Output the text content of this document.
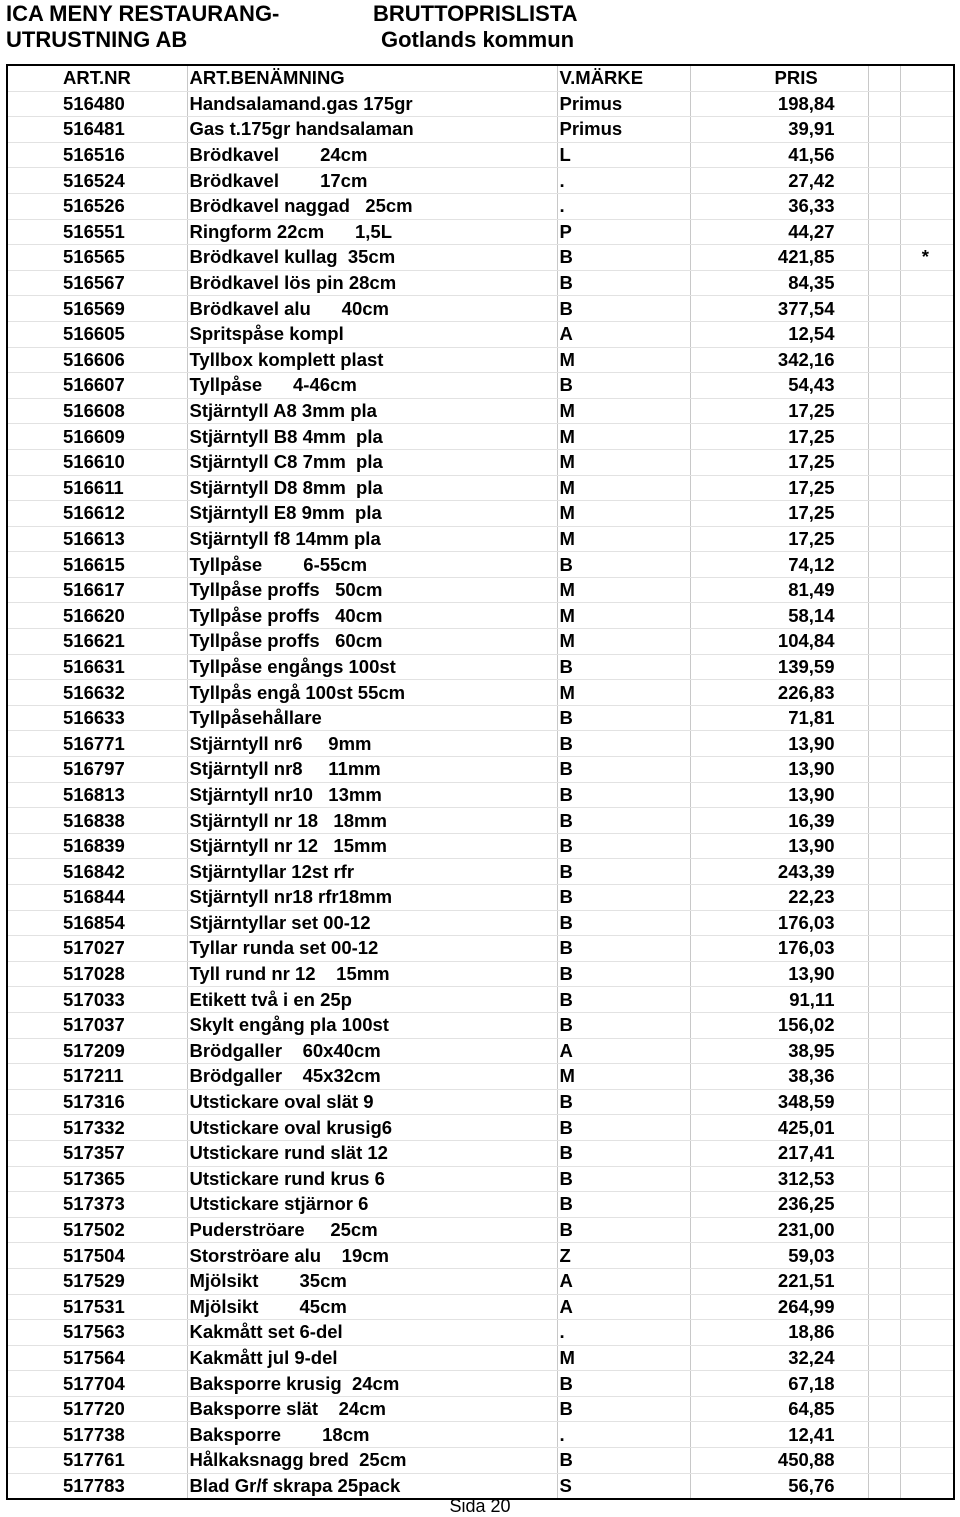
ICA MENY RESTAURANG-
UTRUSTNING AB
BRUTTOPRISLISTA
Gotlands kommun
ART.NR	ART.BENÄMNING	V.MÄRKE	PRIS		
516480	Handsalamand.gas 175gr	Primus	198,84		
516481	Gas t.175gr handsalaman	Primus	39,91		
516516	Brödkavel        24cm	L	41,56		
516524	Brödkavel        17cm	.	27,42		
516526	Brödkavel naggad   25cm	.	36,33		
516551	Ringform 22cm      1,5L	P	44,27		
516565	Brödkavel kullag  35cm	B	421,85		*
516567	Brödkavel lös pin 28cm	B	84,35		
516569	Brödkavel alu      40cm	B	377,54		
516605	Spritspåse kompl	A	12,54		
516606	Tyllbox komplett plast	M	342,16		
516607	Tyllpåse      4-46cm	B	54,43		
516608	Stjärntyll A8 3mm pla	M	17,25		
516609	Stjärntyll B8 4mm  pla	M	17,25		
516610	Stjärntyll C8 7mm  pla	M	17,25		
516611	Stjärntyll D8 8mm  pla	M	17,25		
516612	Stjärntyll E8 9mm  pla	M	17,25		
516613	Stjärntyll f8 14mm pla	M	17,25		
516615	Tyllpåse        6-55cm	B	74,12		
516617	Tyllpåse proffs   50cm	M	81,49		
516620	Tyllpåse proffs   40cm	M	58,14		
516621	Tyllpåse proffs   60cm	M	104,84		
516631	Tyllpåse engångs 100st	B	139,59		
516632	Tyllpås engå 100st 55cm	M	226,83		
516633	Tyllpåsehållare	B	71,81		
516771	Stjärntyll nr6     9mm	B	13,90		
516797	Stjärntyll nr8     11mm	B	13,90		
516813	Stjärntyll nr10   13mm	B	13,90		
516838	Stjärntyll nr 18   18mm	B	16,39		
516839	Stjärntyll nr 12   15mm	B	13,90		
516842	Stjärntyllar 12st rfr	B	243,39		
516844	Stjärntyll nr18 rfr18mm	B	22,23		
516854	Stjärntyllar set 00-12	B	176,03		
517027	Tyllar runda set 00-12	B	176,03		
517028	Tyll rund nr 12    15mm	B	13,90		
517033	Etikett två i en 25p	B	91,11		
517037	Skylt engång pla 100st	B	156,02		
517209	Brödgaller    60x40cm	A	38,95		
517211	Brödgaller    45x32cm	M	38,36		
517316	Utstickare oval slät 9	B	348,59		
517332	Utstickare oval krusig6	B	425,01		
517357	Utstickare rund slät 12	B	217,41		
517365	Utstickare rund krus 6	B	312,53		
517373	Utstickare stjärnor 6	B	236,25		
517502	Puderströare     25cm	B	231,00		
517504	Storströare alu    19cm	Z	59,03		
517529	Mjölsikt        35cm	A	221,51		
517531	Mjölsikt        45cm	A	264,99		
517563	Kakmått set 6-del	.	18,86		
517564	Kakmått jul 9-del	M	32,24		
517704	Baksporre krusig  24cm	B	67,18		
517720	Baksporre slät    24cm	B	64,85		
517738	Baksporre        18cm	.	12,41		
517761	Hålkaksnagg bred  25cm	B	450,88		
517783	Blad Gr/f skrapa 25pack	S	56,76		
Sida 20
